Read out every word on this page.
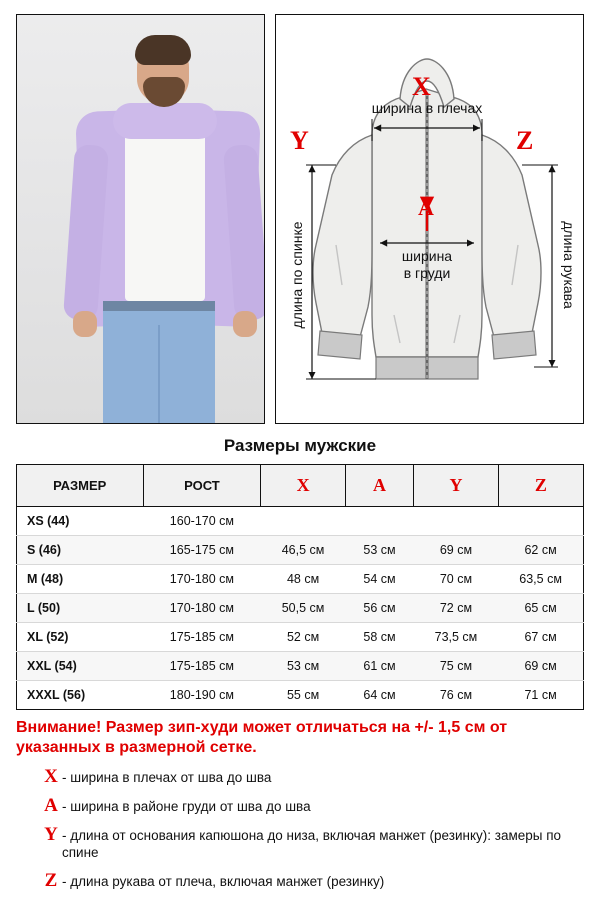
X
Y	Z
A
ширина в плечах
ширина
в груди
длина по спинке	длина рукава
Размеры мужские
РАЗМЕР	РОСТ	X	A	Y	Z
XS (44)	160-170 см				
S (46)	165-175 см	46,5 см	53 см	69 см	62 см
M (48)	170-180 см	48 см	54 см	70 см	63,5 см
L (50)	170-180 см	50,5 см	56 см	72 см	65 см
XL (52)	175-185 см	52 см	58 см	73,5 см	67 см
XXL (54)	175-185 см	53 см	61 см	75 см	69 см
XXXL (56)	180-190 см	55 см	64 см	76 см	71 см
Внимание! Размер зип-худи может отличаться на +/- 1,5 см от указанных в размерной сетке.
X - ширина в плечах от шва до шва
A - ширина в районе груди от шва до шва
Y - длина от основания капюшона до низа, включая манжет (резинку): замеры по спине
Z - длина рукава от плеча, включая манжет (резинку)
